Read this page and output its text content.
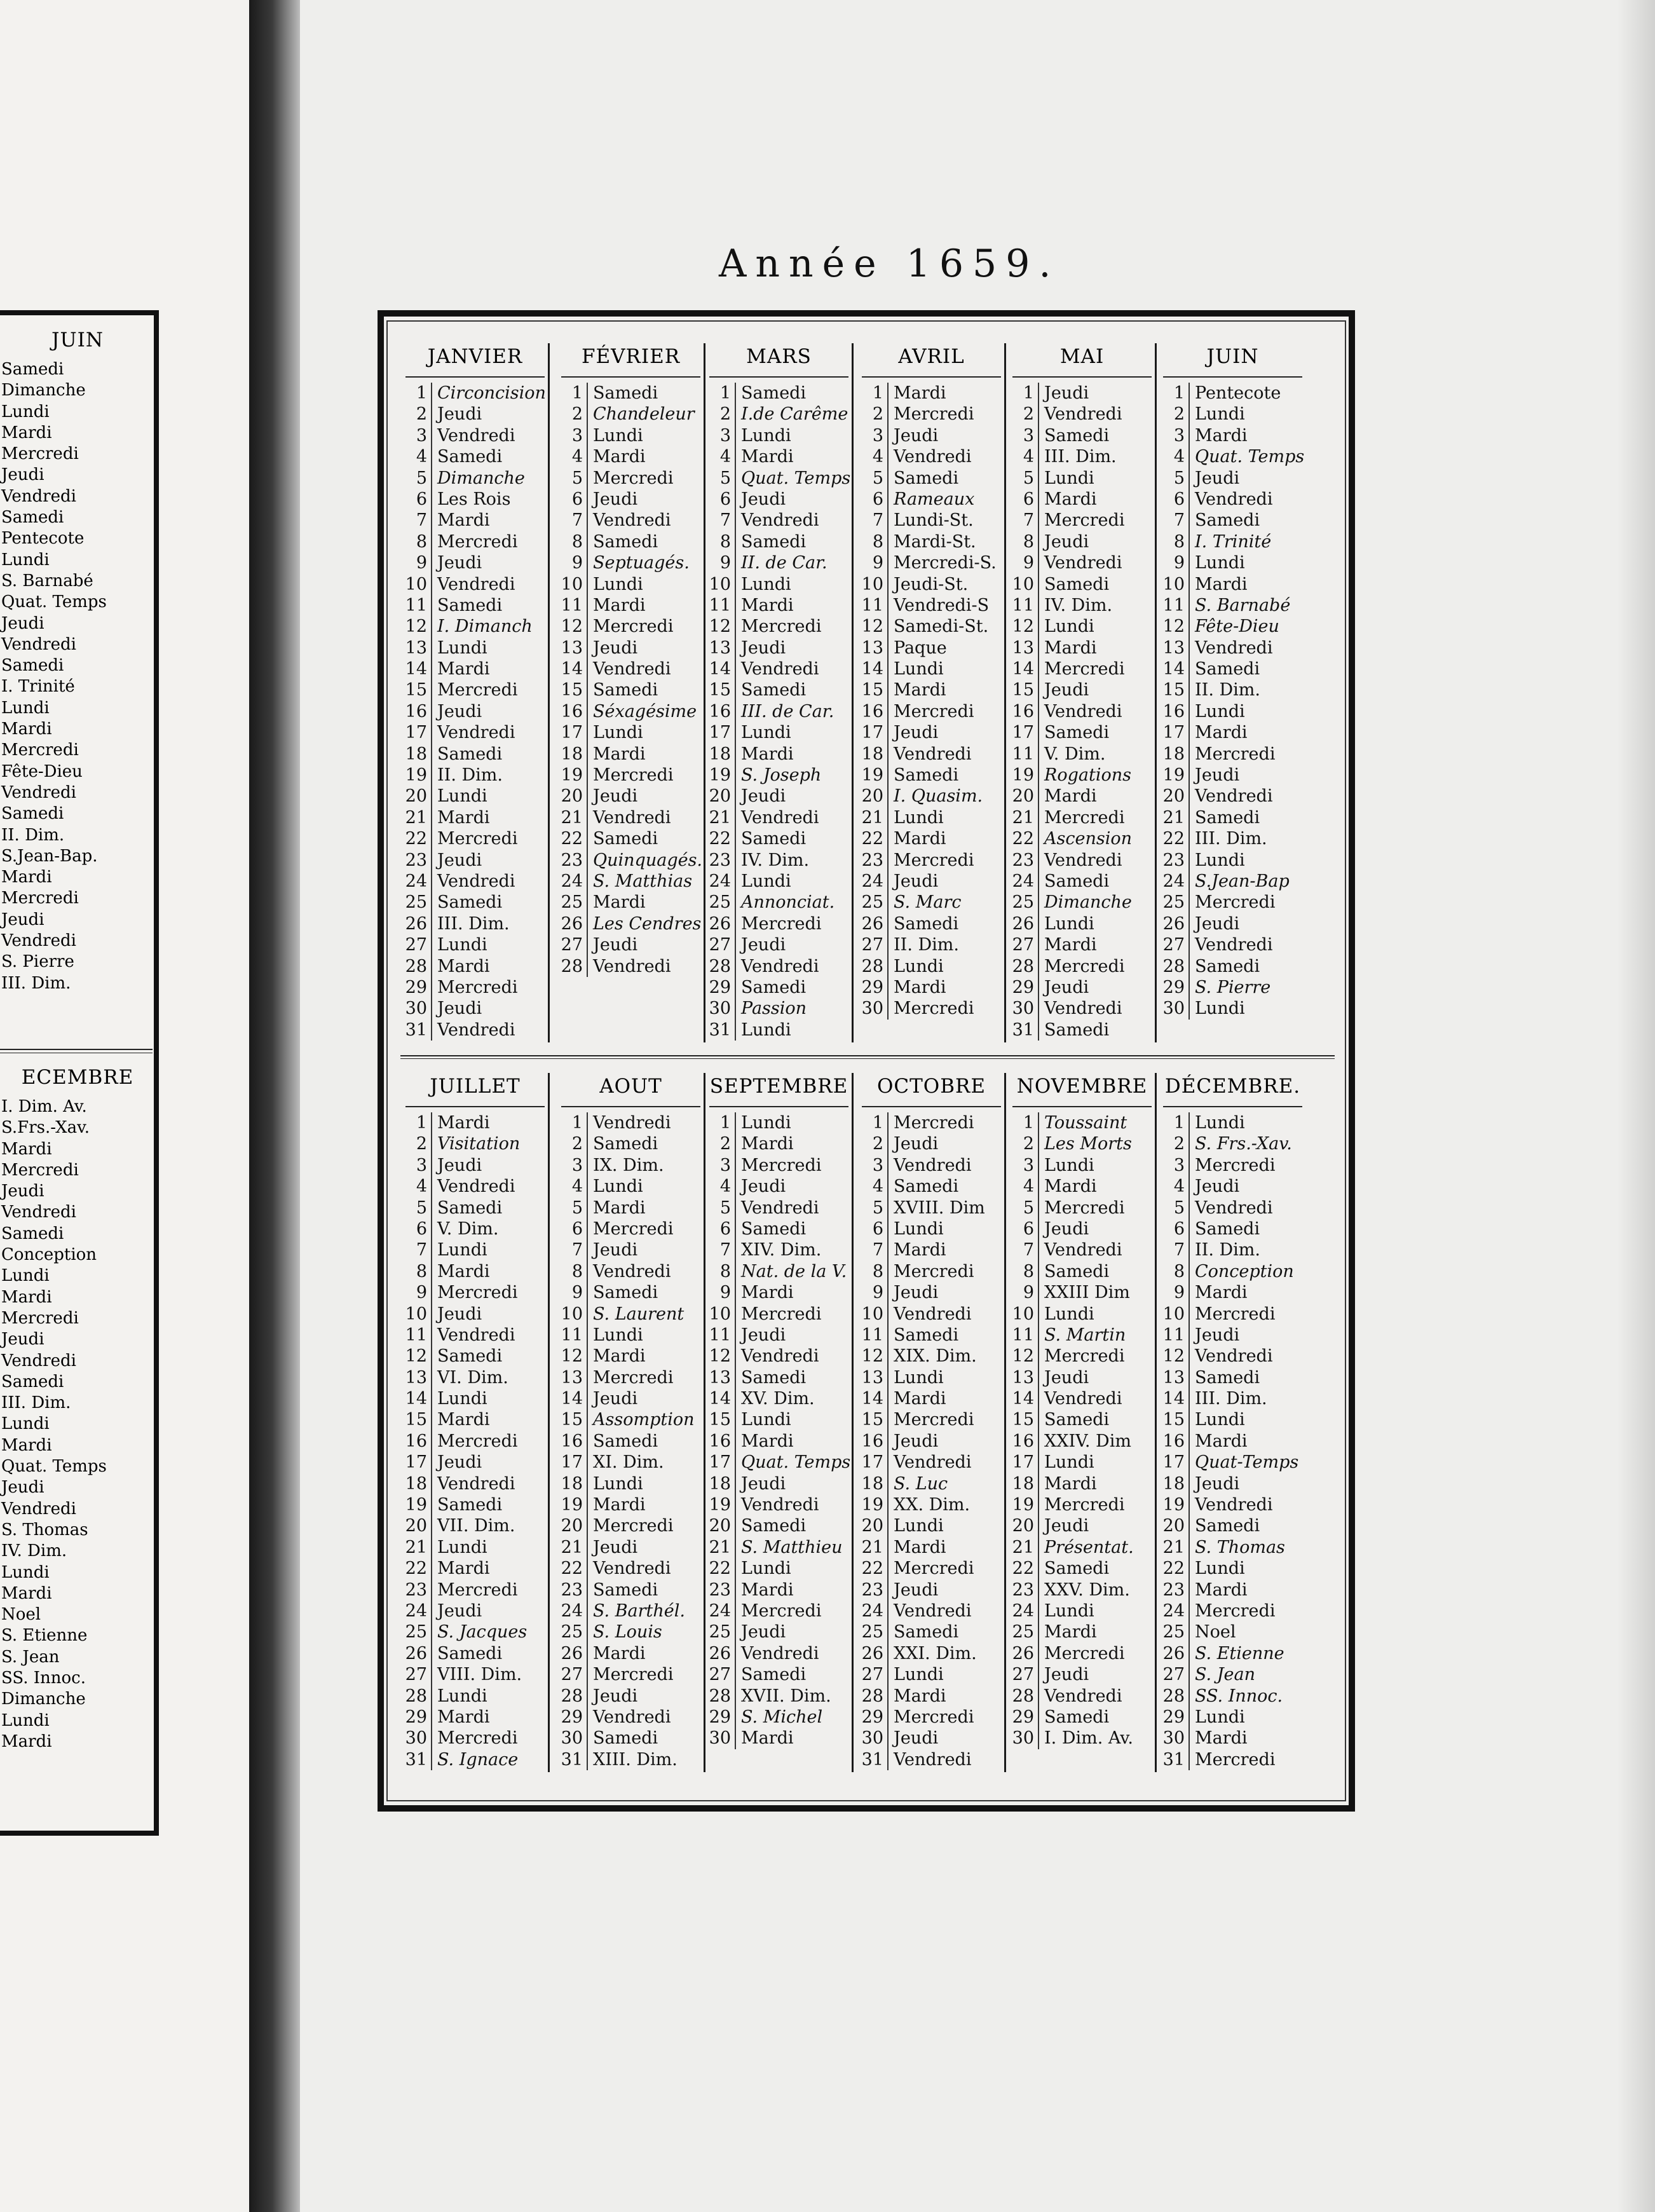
JUIN
Samedi
Dimanche
Lundi
Mardi
Mercredi
Jeudi
Vendredi
Samedi
Pentecote
Lundi
S. Barnabé
Quat. Temps
Jeudi
Vendredi
Samedi
I. Trinité
Lundi
Mardi
Mercredi
Fête-Dieu
Vendredi
Samedi
II. Dim.
S.Jean-Bap.
Mardi
Mercredi
Jeudi
Vendredi
S. Pierre
III. Dim.
ECEMBRE
I. Dim. Av.
S.Frs.-Xav.
Mardi
Mercredi
Jeudi
Vendredi
Samedi
Conception
Lundi
Mardi
Mercredi
Jeudi
Vendredi
Samedi
III. Dim.
Lundi
Mardi
Quat. Temps
Jeudi
Vendredi
S. Thomas
IV. Dim.
Lundi
Mardi
Noel
S. Etienne
S. Jean
SS. Innoc.
Dimanche
Lundi
Mardi
Année 1659.
JANVIER
1 Circoncision
2 Jeudi
3 Vendredi
4 Samedi
5 Dimanche
6 Les Rois
7 Mardi
8 Mercredi
9 Jeudi
10 Vendredi
11 Samedi
12 I. Dimanch
13 Lundi
14 Mardi
15 Mercredi
16 Jeudi
17 Vendredi
18 Samedi
19 II. Dim.
20 Lundi
21 Mardi
22 Mercredi
23 Jeudi
24 Vendredi
25 Samedi
26 III. Dim.
27 Lundi
28 Mardi
29 Mercredi
30 Jeudi
31 Vendredi
FÉVRIER
1 Samedi
2 Chandeleur
3 Lundi
4 Mardi
5 Mercredi
6 Jeudi
7 Vendredi
8 Samedi
9 Septuagés.
10 Lundi
11 Mardi
12 Mercredi
13 Jeudi
14 Vendredi
15 Samedi
16 Séxagésime
17 Lundi
18 Mardi
19 Mercredi
20 Jeudi
21 Vendredi
22 Samedi
23 Quinquagés.
24 S. Matthias
25 Mardi
26 Les Cendres
27 Jeudi
28 Vendredi
MARS
1 Samedi
2 I.de Carême
3 Lundi
4 Mardi
5 Quat. Temps
6 Jeudi
7 Vendredi
8 Samedi
9 II. de Car.
10 Lundi
11 Mardi
12 Mercredi
13 Jeudi
14 Vendredi
15 Samedi
16 III. de Car.
17 Lundi
18 Mardi
19 S. Joseph
20 Jeudi
21 Vendredi
22 Samedi
23 IV. Dim.
24 Lundi
25 Annonciat.
26 Mercredi
27 Jeudi
28 Vendredi
29 Samedi
30 Passion
31 Lundi
AVRIL
1 Mardi
2 Mercredi
3 Jeudi
4 Vendredi
5 Samedi
6 Rameaux
7 Lundi-St.
8 Mardi-St.
9 Mercredi-S.
10 Jeudi-St.
11 Vendredi-S
12 Samedi-St.
13 Paque
14 Lundi
15 Mardi
16 Mercredi
17 Jeudi
18 Vendredi
19 Samedi
20 I. Quasim.
21 Lundi
22 Mardi
23 Mercredi
24 Jeudi
25 S. Marc
26 Samedi
27 II. Dim.
28 Lundi
29 Mardi
30 Mercredi
MAI
1 Jeudi
2 Vendredi
3 Samedi
4 III. Dim.
5 Lundi
6 Mardi
7 Mercredi
8 Jeudi
9 Vendredi
10 Samedi
11 IV. Dim.
12 Lundi
13 Mardi
14 Mercredi
15 Jeudi
16 Vendredi
17 Samedi
11 V. Dim.
19 Rogations
20 Mardi
21 Mercredi
22 Ascension
23 Vendredi
24 Samedi
25 Dimanche
26 Lundi
27 Mardi
28 Mercredi
29 Jeudi
30 Vendredi
31 Samedi
JUIN
1 Pentecote
2 Lundi
3 Mardi
4 Quat. Temps
5 Jeudi
6 Vendredi
7 Samedi
8 I. Trinité
9 Lundi
10 Mardi
11 S. Barnabé
12 Fête-Dieu
13 Vendredi
14 Samedi
15 II. Dim.
16 Lundi
17 Mardi
18 Mercredi
19 Jeudi
20 Vendredi
21 Samedi
22 III. Dim.
23 Lundi
24 S.Jean-Bap
25 Mercredi
26 Jeudi
27 Vendredi
28 Samedi
29 S. Pierre
30 Lundi
JUILLET
1 Mardi
2 Visitation
3 Jeudi
4 Vendredi
5 Samedi
6 V. Dim.
7 Lundi
8 Mardi
9 Mercredi
10 Jeudi
11 Vendredi
12 Samedi
13 VI. Dim.
14 Lundi
15 Mardi
16 Mercredi
17 Jeudi
18 Vendredi
19 Samedi
20 VII. Dim.
21 Lundi
22 Mardi
23 Mercredi
24 Jeudi
25 S. Jacques
26 Samedi
27 VIII. Dim.
28 Lundi
29 Mardi
30 Mercredi
31 S. Ignace
AOUT
1 Vendredi
2 Samedi
3 IX. Dim.
4 Lundi
5 Mardi
6 Mercredi
7 Jeudi
8 Vendredi
9 Samedi
10 S. Laurent
11 Lundi
12 Mardi
13 Mercredi
14 Jeudi
15 Assomption
16 Samedi
17 XI. Dim.
18 Lundi
19 Mardi
20 Mercredi
21 Jeudi
22 Vendredi
23 Samedi
24 S. Barthél.
25 S. Louis
26 Mardi
27 Mercredi
28 Jeudi
29 Vendredi
30 Samedi
31 XIII. Dim.
SEPTEMBRE
1 Lundi
2 Mardi
3 Mercredi
4 Jeudi
5 Vendredi
6 Samedi
7 XIV. Dim.
8 Nat. de la V.
9 Mardi
10 Mercredi
11 Jeudi
12 Vendredi
13 Samedi
14 XV. Dim.
15 Lundi
16 Mardi
17 Quat. Temps
18 Jeudi
19 Vendredi
20 Samedi
21 S. Matthieu
22 Lundi
23 Mardi
24 Mercredi
25 Jeudi
26 Vendredi
27 Samedi
28 XVII. Dim.
29 S. Michel
30 Mardi
OCTOBRE
1 Mercredi
2 Jeudi
3 Vendredi
4 Samedi
5 XVIII. Dim
6 Lundi
7 Mardi
8 Mercredi
9 Jeudi
10 Vendredi
11 Samedi
12 XIX. Dim.
13 Lundi
14 Mardi
15 Mercredi
16 Jeudi
17 Vendredi
18 S. Luc
19 XX. Dim.
20 Lundi
21 Mardi
22 Mercredi
23 Jeudi
24 Vendredi
25 Samedi
26 XXI. Dim.
27 Lundi
28 Mardi
29 Mercredi
30 Jeudi
31 Vendredi
NOVEMBRE
1 Toussaint
2 Les Morts
3 Lundi
4 Mardi
5 Mercredi
6 Jeudi
7 Vendredi
8 Samedi
9 XXIII Dim
10 Lundi
11 S. Martin
12 Mercredi
13 Jeudi
14 Vendredi
15 Samedi
16 XXIV. Dim
17 Lundi
18 Mardi
19 Mercredi
20 Jeudi
21 Présentat.
22 Samedi
23 XXV. Dim.
24 Lundi
25 Mardi
26 Mercredi
27 Jeudi
28 Vendredi
29 Samedi
30 I. Dim. Av.
DÉCEMBRE.
1 Lundi
2 S. Frs.-Xav.
3 Mercredi
4 Jeudi
5 Vendredi
6 Samedi
7 II. Dim.
8 Conception
9 Mardi
10 Mercredi
11 Jeudi
12 Vendredi
13 Samedi
14 III. Dim.
15 Lundi
16 Mardi
17 Quat-Temps
18 Jeudi
19 Vendredi
20 Samedi
21 S. Thomas
22 Lundi
23 Mardi
24 Mercredi
25 Noel
26 S. Etienne
27 S. Jean
28 SS. Innoc.
29 Lundi
30 Mardi
31 Mercredi
